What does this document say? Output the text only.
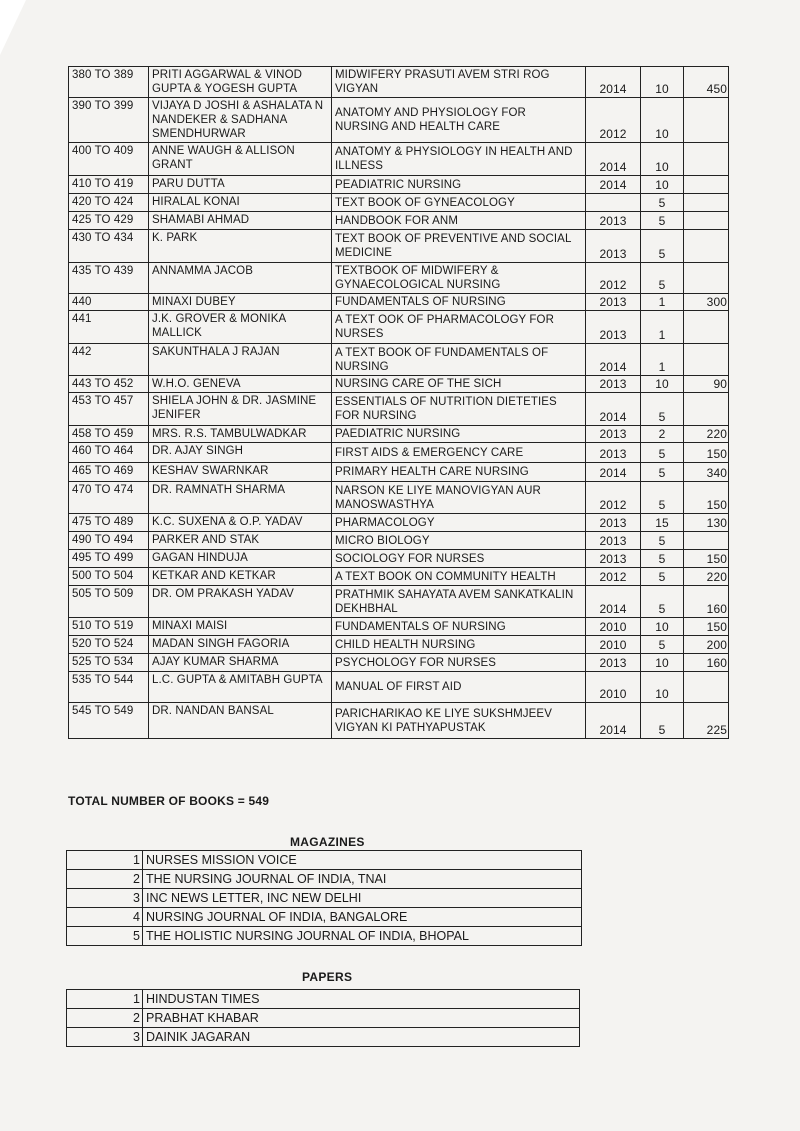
380 TO 389	PRITI AGGARWAL & VINOD GUPTA & YOGESH GUPTA	MIDWIFERY PRASUTI AVEM STRI ROG VIGYAN	2014	10	450
390 TO 399	VIJAYA D JOSHI & ASHALATA N NANDEKER & SADHANA SMENDHURWAR	ANATOMY AND PHYSIOLOGY FOR NURSING AND HEALTH CARE	2012	10	
400 TO 409	ANNE WAUGH & ALLISON GRANT	ANATOMY & PHYSIOLOGY IN HEALTH AND ILLNESS	2014	10	
410 TO 419	PARU DUTTA	PEADIATRIC NURSING	2014	10	
420 TO 424	HIRALAL KONAI	TEXT BOOK OF GYNEACOLOGY		5	
425 TO 429	SHAMABI AHMAD	HANDBOOK FOR ANM	2013	5	
430 TO 434	K. PARK	TEXT BOOK OF PREVENTIVE AND SOCIAL MEDICINE	2013	5	
435 TO 439	ANNAMMA JACOB	TEXTBOOK OF MIDWIFERY & GYNAECOLOGICAL NURSING	2012	5	
440	MINAXI DUBEY	FUNDAMENTALS OF NURSING	2013	1	300
441	J.K. GROVER & MONIKA MALLICK	A TEXT OOK OF PHARMACOLOGY FOR NURSES	2013	1	
442	SAKUNTHALA J RAJAN	A TEXT BOOK OF FUNDAMENTALS OF NURSING	2014	1	
443 TO 452	W.H.O. GENEVA	NURSING CARE OF THE SICH	2013	10	90
453 TO 457	SHIELA JOHN & DR. JASMINE JENIFER	ESSENTIALS OF NUTRITION DIETETIES FOR NURSING	2014	5	
458 TO 459	MRS. R.S. TAMBULWADKAR	PAEDIATRIC NURSING	2013	2	220
460 TO 464	DR. AJAY SINGH	FIRST AIDS & EMERGENCY CARE	2013	5	150
465 TO 469	KESHAV SWARNKAR	PRIMARY HEALTH CARE NURSING	2014	5	340
470 TO 474	DR. RAMNATH SHARMA	NARSON KE LIYE MANOVIGYAN AUR MANOSWASTHYA	2012	5	150
475 TO 489	K.C. SUXENA & O.P. YADAV	PHARMACOLOGY	2013	15	130
490 TO 494	PARKER AND STAK	MICRO BIOLOGY	2013	5	
495 TO 499	GAGAN HINDUJA	SOCIOLOGY FOR NURSES	2013	5	150
500 TO 504	KETKAR AND KETKAR	A TEXT BOOK ON COMMUNITY HEALTH	2012	5	220
505 TO 509	DR. OM PRAKASH YADAV	PRATHMIK SAHAYATA AVEM SANKATKALIN DEKHBHAL	2014	5	160
510 TO 519	MINAXI MAISI	FUNDAMENTALS OF NURSING	2010	10	150
520 TO 524	MADAN SINGH FAGORIA	CHILD HEALTH NURSING	2010	5	200
525 TO 534	AJAY KUMAR SHARMA	PSYCHOLOGY FOR NURSES	2013	10	160
535 TO 544	L.C. GUPTA & AMITABH GUPTA	MANUAL OF FIRST AID	2010	10	
545 TO 549	DR. NANDAN BANSAL	PARICHARIKAO KE LIYE SUKSHMJEEV VIGYAN KI PATHYAPUSTAK	2014	5	225
TOTAL NUMBER OF BOOKS = 549
MAGAZINES
1	NURSES MISSION VOICE
2	THE NURSING JOURNAL OF INDIA, TNAI
3	INC NEWS LETTER, INC NEW DELHI
4	NURSING JOURNAL OF INDIA, BANGALORE
5	THE HOLISTIC NURSING JOURNAL OF INDIA, BHOPAL
PAPERS
1	HINDUSTAN TIMES
2	PRABHAT KHABAR
3	DAINIK JAGARAN
